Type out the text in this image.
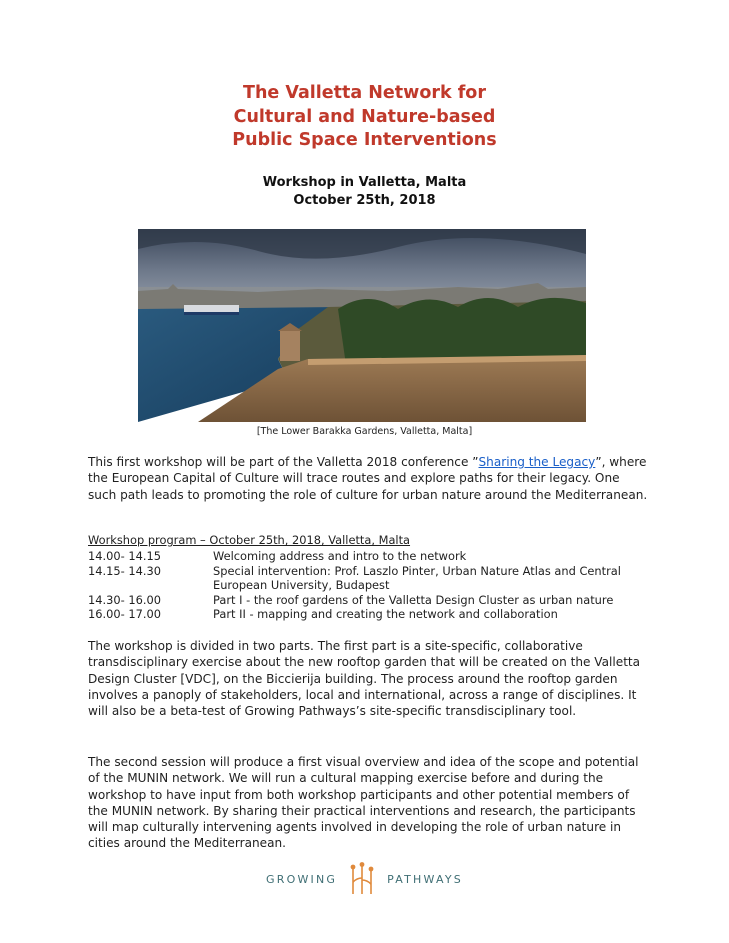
The Valletta Network for
Cultural and Nature-based
Public Space Interventions
Workshop in Valletta, Malta
October 25th, 2018
[The Lower Barakka Gardens, Valletta, Malta]

This first workshop will be part of the Valletta 2018 conference ”Sharing the Legacy”, where the European Capital of Culture will trace routes and explore paths for their legacy. One such path leads to promoting the role of culture for urban nature around the Mediterranean.

Workshop program – October 25th, 2018, Valletta, Malta
14.00- 14.15	Welcoming address and intro to the network
14.15- 14.30	Special intervention: Prof. Laszlo Pinter, Urban Nature Atlas and Central European University, Budapest
14.30- 16.00	Part I - the roof gardens of the Valletta Design Cluster as urban nature
16.00- 17.00	Part II - mapping and creating the network and collaboration

The workshop is divided in two parts. The first part is a site-specific, collaborative transdisciplinary exercise about the new rooftop garden that will be created on the Valletta Design Cluster [VDC], on the Biccierija building. The process around the rooftop garden involves a panoply of stakeholders, local and international, across a range of disciplines. It will also be a beta-test of Growing Pathways’s site-specific transdisciplinary tool.

The second session will produce a first visual overview and idea of the scope and potential of the MUNIN network. We will run a cultural mapping exercise before and during the workshop to have input from both workshop participants and other potential members of the MUNIN network. By sharing their practical interventions and research, the participants will map culturally intervening agents involved in developing the role of urban nature in cities around the Mediterranean.

GROWING	PATHWAYS
